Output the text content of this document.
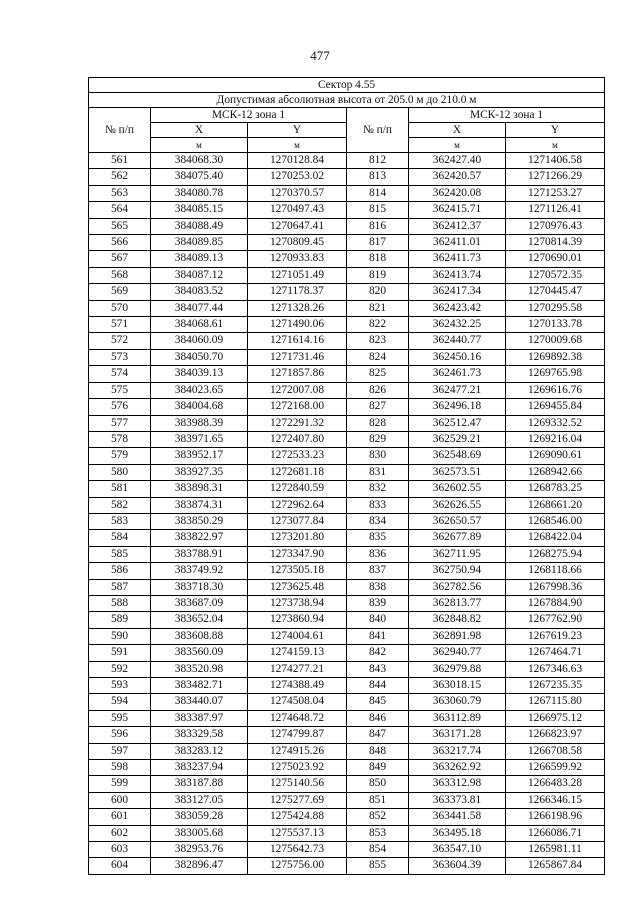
477
Сектор 4.55					
Допустимая абсолютная высота от 205.0 м до 210.0 м					
№ п/п	МСК-12 зона 1		№ п/п	МСК-12 зона 1	
	X	Y		X	Y
	м	м		м	м
561	384068.30	1270128.84	812	362427.40	1271406.58
562	384075.40	1270253.02	813	362420.57	1271266.29
563	384080.78	1270370.57	814	362420.08	1271253.27
564	384085.15	1270497.43	815	362415.71	1271126.41
565	384088.49	1270647.41	816	362412.37	1270976.43
566	384089.85	1270809.45	817	362411.01	1270814.39
567	384089.13	1270933.83	818	362411.73	1270690.01
568	384087.12	1271051.49	819	362413.74	1270572.35
569	384083.52	1271178.37	820	362417.34	1270445.47
570	384077.44	1271328.26	821	362423.42	1270295.58
571	384068.61	1271490.06	822	362432.25	1270133.78
572	384060.09	1271614.16	823	362440.77	1270009.68
573	384050.70	1271731.46	824	362450.16	1269892.38
574	384039.13	1271857.86	825	362461.73	1269765.98
575	384023.65	1272007.08	826	362477.21	1269616.76
576	384004.68	1272168.00	827	362496.18	1269455.84
577	383988.39	1272291.32	828	362512.47	1269332.52
578	383971.65	1272407.80	829	362529.21	1269216.04
579	383952.17	1272533.23	830	362548.69	1269090.61
580	383927.35	1272681.18	831	362573.51	1268942.66
581	383898.31	1272840.59	832	362602.55	1268783.25
582	383874.31	1272962.64	833	362626.55	1268661.20
583	383850.29	1273077.84	834	362650.57	1268546.00
584	383822.97	1273201.80	835	362677.89	1268422.04
585	383788.91	1273347.90	836	362711.95	1268275.94
586	383749.92	1273505.18	837	362750.94	1268118.66
587	383718.30	1273625.48	838	362782.56	1267998.36
588	383687.09	1273738.94	839	362813.77	1267884.90
589	383652.04	1273860.94	840	362848.82	1267762.90
590	383608.88	1274004.61	841	362891.98	1267619.23
591	383560.09	1274159.13	842	362940.77	1267464.71
592	383520.98	1274277.21	843	362979.88	1267346.63
593	383482.71	1274388.49	844	363018.15	1267235.35
594	383440.07	1274508.04	845	363060.79	1267115.80
595	383387.97	1274648.72	846	363112.89	1266975.12
596	383329.58	1274799.87	847	363171.28	1266823.97
597	383283.12	1274915.26	848	363217.74	1266708.58
598	383237.94	1275023.92	849	363262.92	1266599.92
599	383187.88	1275140.56	850	363312.98	1266483.28
600	383127.05	1275277.69	851	363373.81	1266346.15
601	383059.28	1275424.88	852	363441.58	1266198.96
602	383005.68	1275537.13	853	363495.18	1266086.71
603	382953.76	1275642.73	854	363547.10	1265981.11
604	382896.47	1275756.00	855	363604.39	1265867.84
